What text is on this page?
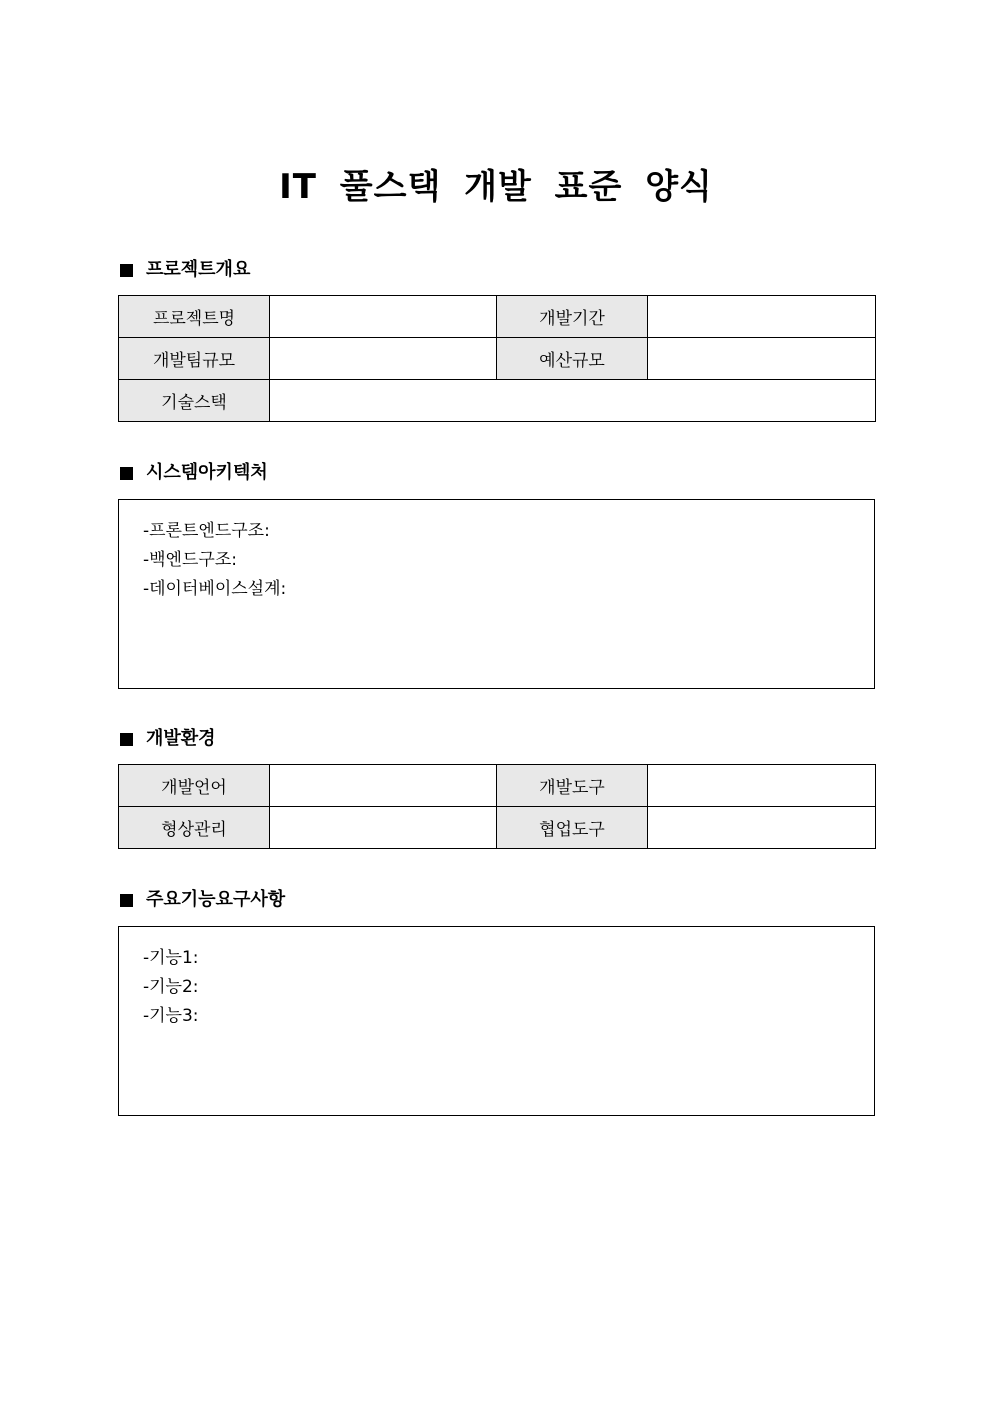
IT 풀스택 개발 표준 양식
프로젝트개요
프로젝트명		개발기간	
개발팀규모		예산규모	
기술스택			
시스템아키텍처
-프론트엔드구조:
-백엔드구조:
-데이터베이스설계:
개발환경
개발언어		개발도구	
형상관리		협업도구	
주요기능요구사항
-기능1:
-기능2:
-기능3:
